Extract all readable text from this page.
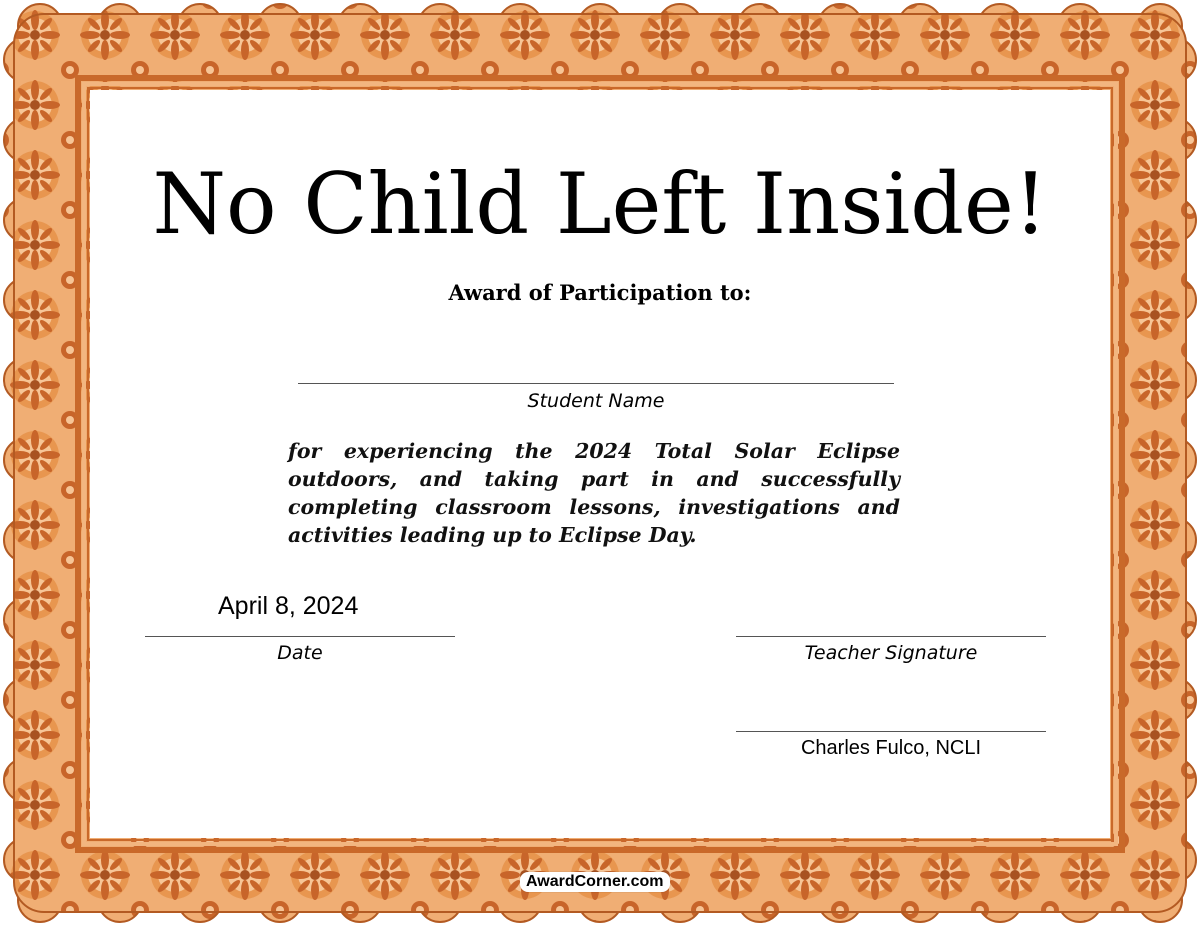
No Child Left Inside!
Award of Participation to:
Student Name
for experiencing the 2024 Total Solar Eclipse outdoors, and taking part in and successfully completing classroom lessons, investigations and activities leading up to Eclipse Day.
April 8, 2024
Date	Teacher Signature
Charles Fulco, NCLI
AwardCorner.com
